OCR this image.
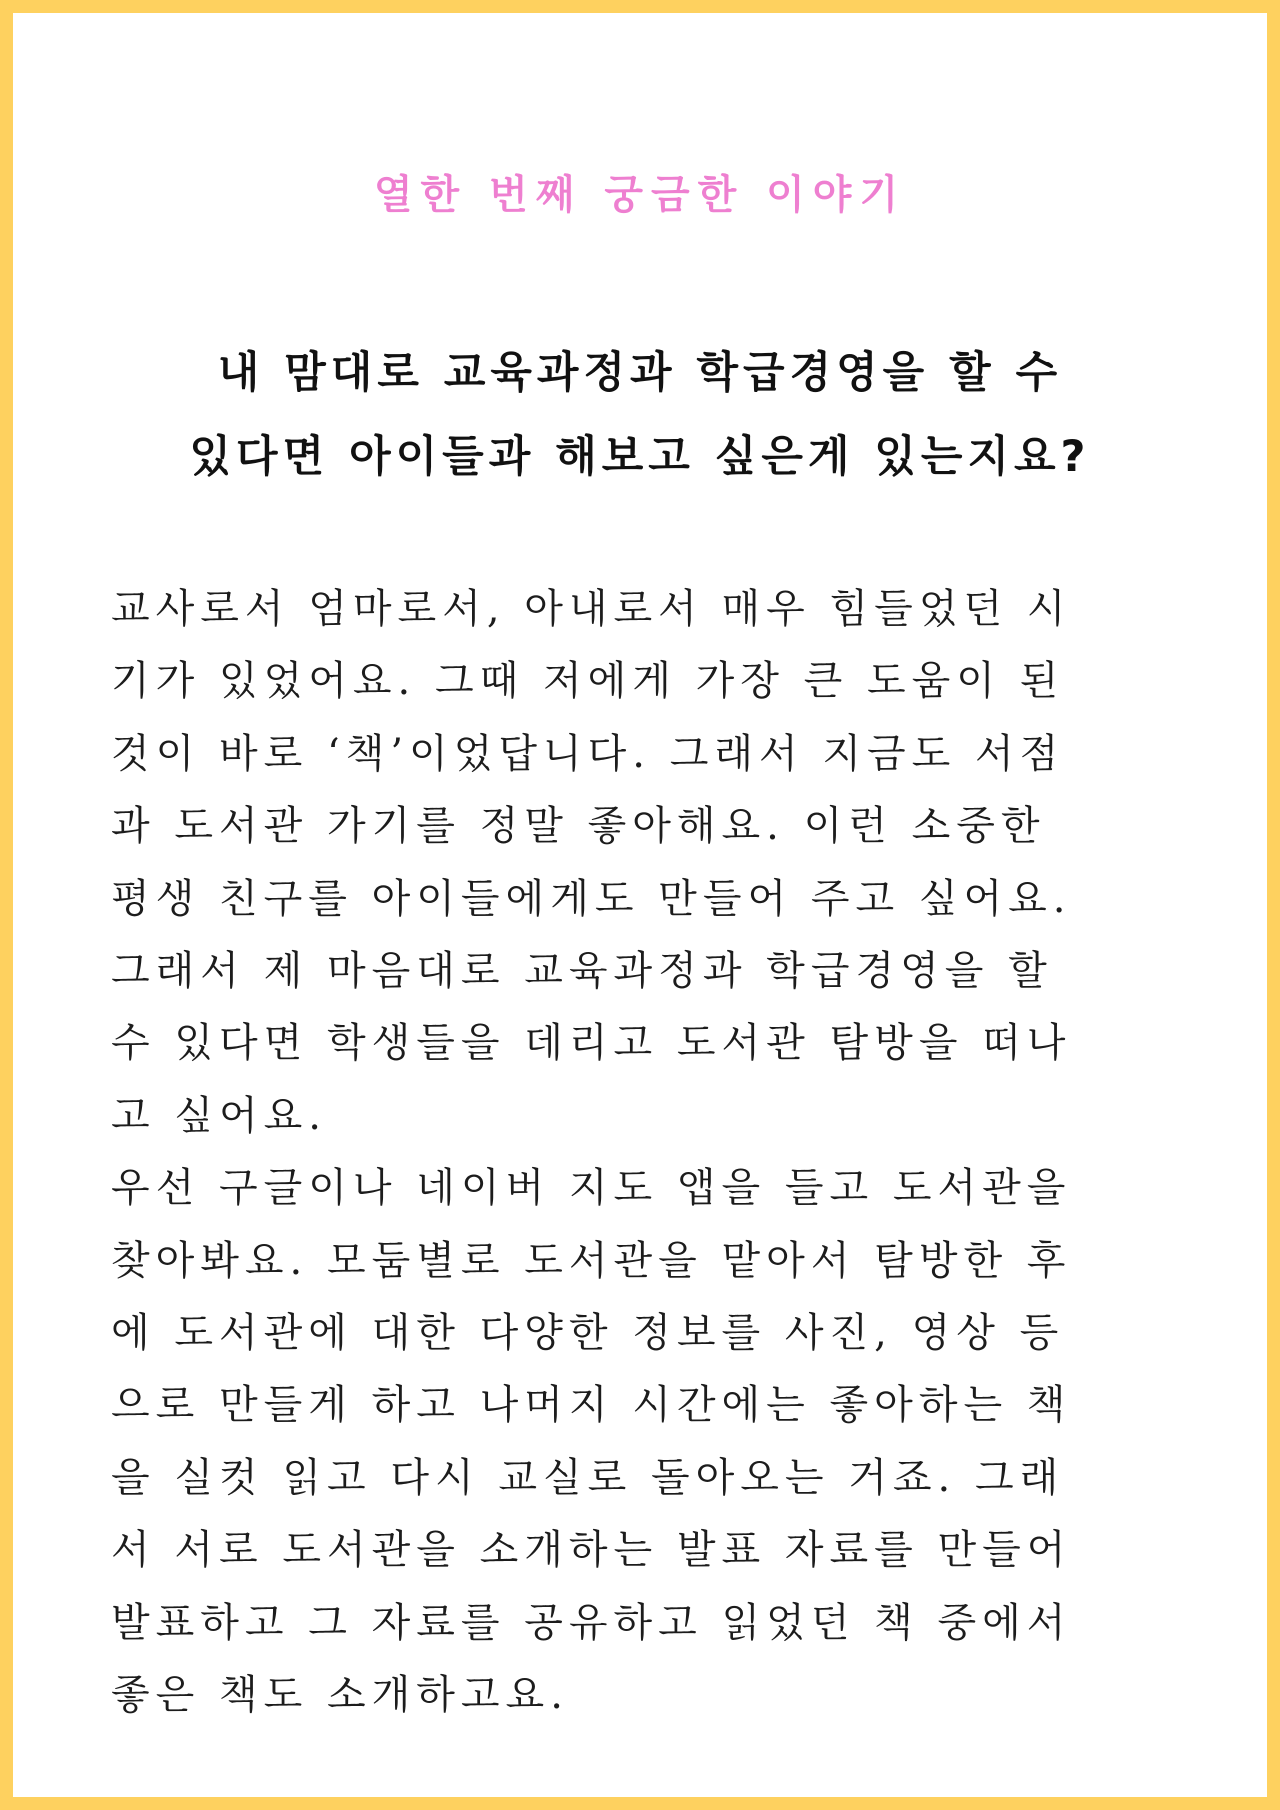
열한 번째 궁금한 이야기
내 맘대로 교육과정과 학급경영을 할 수
있다면 아이들과 해보고 싶은게 있는지요?
교사로서 엄마로서, 아내로서 매우 힘들었던 시
기가 있었어요. 그때 저에게 가장 큰 도움이 된
것이 바로 ‘책’이었답니다. 그래서 지금도 서점
과 도서관 가기를 정말 좋아해요. 이런 소중한
평생 친구를 아이들에게도 만들어 주고 싶어요.
그래서 제 마음대로 교육과정과 학급경영을 할
수 있다면 학생들을 데리고 도서관 탐방을 떠나
고 싶어요.
우선 구글이나 네이버 지도 앱을 들고 도서관을
찾아봐요. 모둠별로 도서관을 맡아서 탐방한 후
에 도서관에 대한 다양한 정보를 사진, 영상 등
으로 만들게 하고 나머지 시간에는 좋아하는 책
을 실컷 읽고 다시 교실로 돌아오는 거죠. 그래
서 서로 도서관을 소개하는 발표 자료를 만들어
발표하고 그 자료를 공유하고 읽었던 책 중에서
좋은 책도 소개하고요.
